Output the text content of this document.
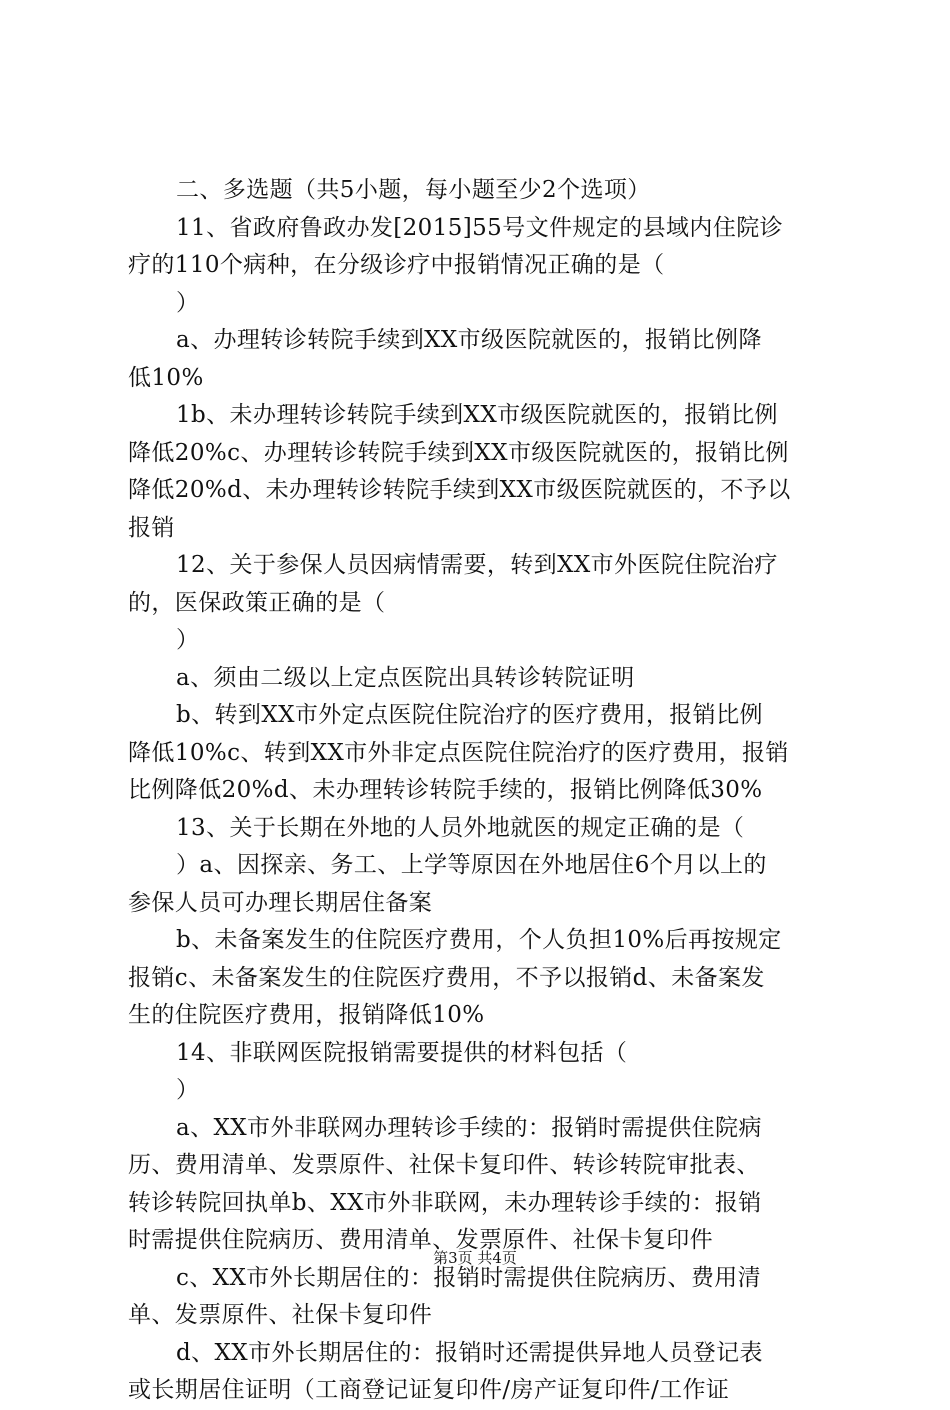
二、多选题（共5小题，每小题至少2个选项）
11、省政府鲁政办发[2015]55号文件规定的县域内住院诊
疗的110个病种，在分级诊疗中报销情况正确的是（
）
a、办理转诊转院手续到XX市级医院就医的，报销比例降
低10%
1b、未办理转诊转院手续到XX市级医院就医的，报销比例
降低20%c、办理转诊转院手续到XX市级医院就医的，报销比例
降低20%d、未办理转诊转院手续到XX市级医院就医的，不予以
报销
12、关于参保人员因病情需要，转到XX市外医院住院治疗
的，医保政策正确的是（
）
a、须由二级以上定点医院出具转诊转院证明
b、转到XX市外定点医院住院治疗的医疗费用，报销比例
降低10%c、转到XX市外非定点医院住院治疗的医疗费用，报销
比例降低20%d、未办理转诊转院手续的，报销比例降低30%
13、关于长期在外地的人员外地就医的规定正确的是（
）a、因探亲、务工、上学等原因在外地居住6个月以上的
参保人员可办理长期居住备案
b、未备案发生的住院医疗费用，个人负担10%后再按规定
报销c、未备案发生的住院医疗费用，不予以报销d、未备案发
生的住院医疗费用，报销降低10%
14、非联网医院报销需要提供的材料包括（
）
a、XX市外非联网办理转诊手续的：报销时需提供住院病
历、费用清单、发票原件、社保卡复印件、转诊转院审批表、
转诊转院回执单b、XX市外非联网，未办理转诊手续的：报销
时需提供住院病历、费用清单、发票原件、社保卡复印件
c、XX市外长期居住的：报销时需提供住院病历、费用清
单、发票原件、社保卡复印件
d、XX市外长期居住的：报销时还需提供异地人员登记表
或长期居住证明（工商登记证复印件/房产证复印件/工作证
第3页 共4页
